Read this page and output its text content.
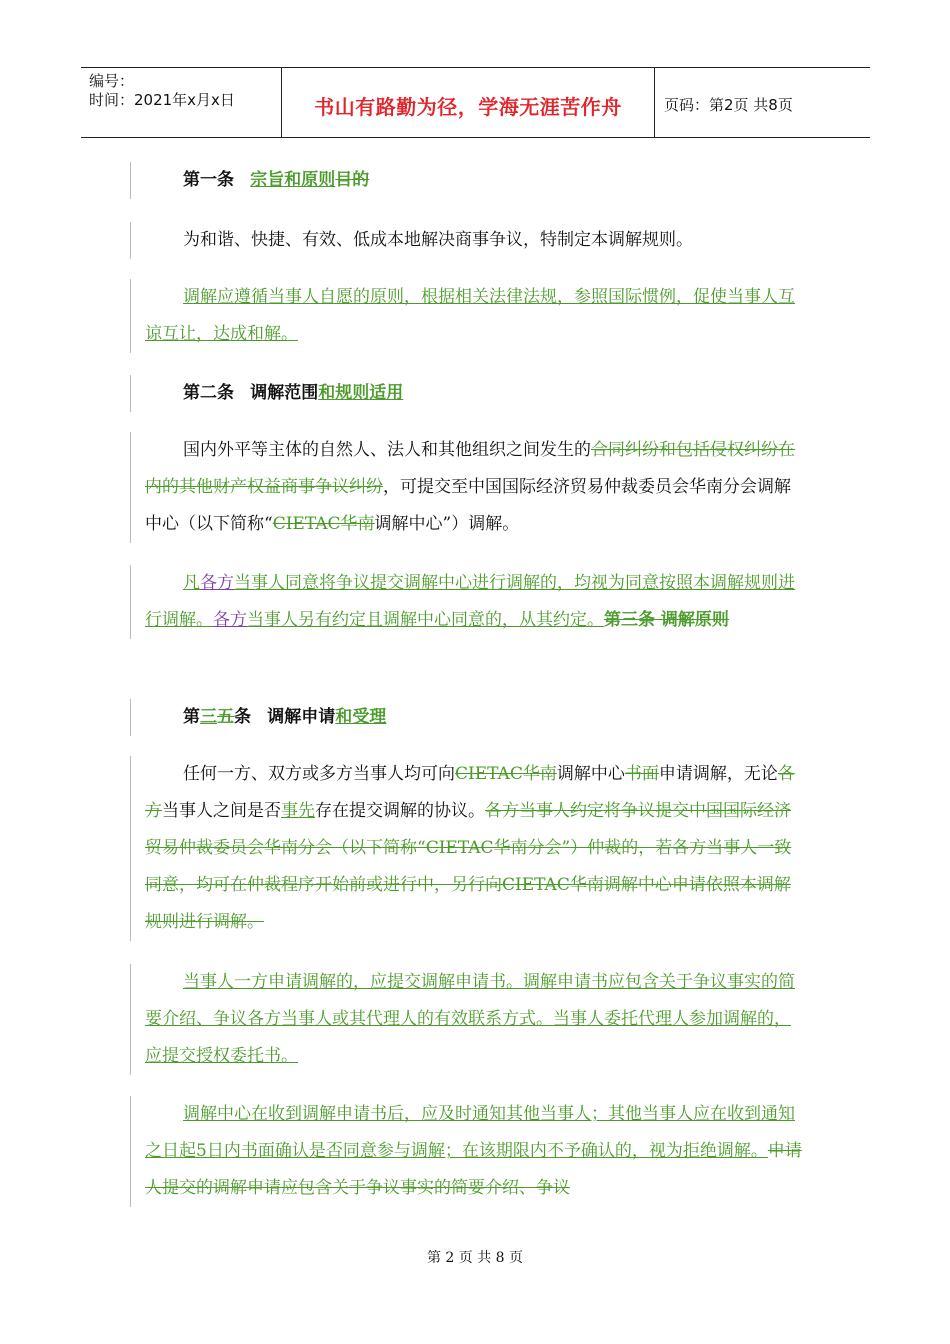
编号：
时间：2021年x月x日	书山有路勤为径，学海无涯苦作舟	页码：第2页 共8页
第一条 宗旨和原则目的
为和谐、快捷、有效、低成本地解决商事争议，特制定本调解规则。
调解应遵循当事人自愿的原则，根据相关法律法规，参照国际惯例，促使当事人互谅互让，达成和解。
第二条 调解范围和规则适用
国内外平等主体的自然人、法人和其他组织之间发生的合同纠纷和包括侵权纠纷在内的其他财产权益商事争议纠纷，可提交至中国国际经济贸易仲裁委员会华南分会调解中心（以下简称“CIETAC华南调解中心”）调解。
凡各方当事人同意将争议提交调解中心进行调解的，均视为同意按照本调解规则进行调解。各方当事人另有约定且调解中心同意的，从其约定。第三条 调解原则
第三五条 调解申请和受理
任何一方、双方或多方当事人均可向CIETAC华南调解中心书面申请调解，无论各方当事人之间是否事先存在提交调解的协议。各方当事人约定将争议提交中国国际经济贸易仲裁委员会华南分会（以下简称“CIETAC华南分会”）仲裁的，若各方当事人一致同意，均可在仲裁程序开始前或进行中，另行向CIETAC华南调解中心申请依照本调解规则进行调解。
当事人一方申请调解的，应提交调解申请书。调解申请书应包含关于争议事实的简要介绍、争议各方当事人或其代理人的有效联系方式。当事人委托代理人参加调解的，应提交授权委托书。
调解中心在收到调解申请书后，应及时通知其他当事人；其他当事人应在收到通知之日起5日内书面确认是否同意参与调解；在该期限内不予确认的，视为拒绝调解。申请人提交的调解申请应包含关于争议事实的简要介绍、争议
第 2 页 共 8 页
